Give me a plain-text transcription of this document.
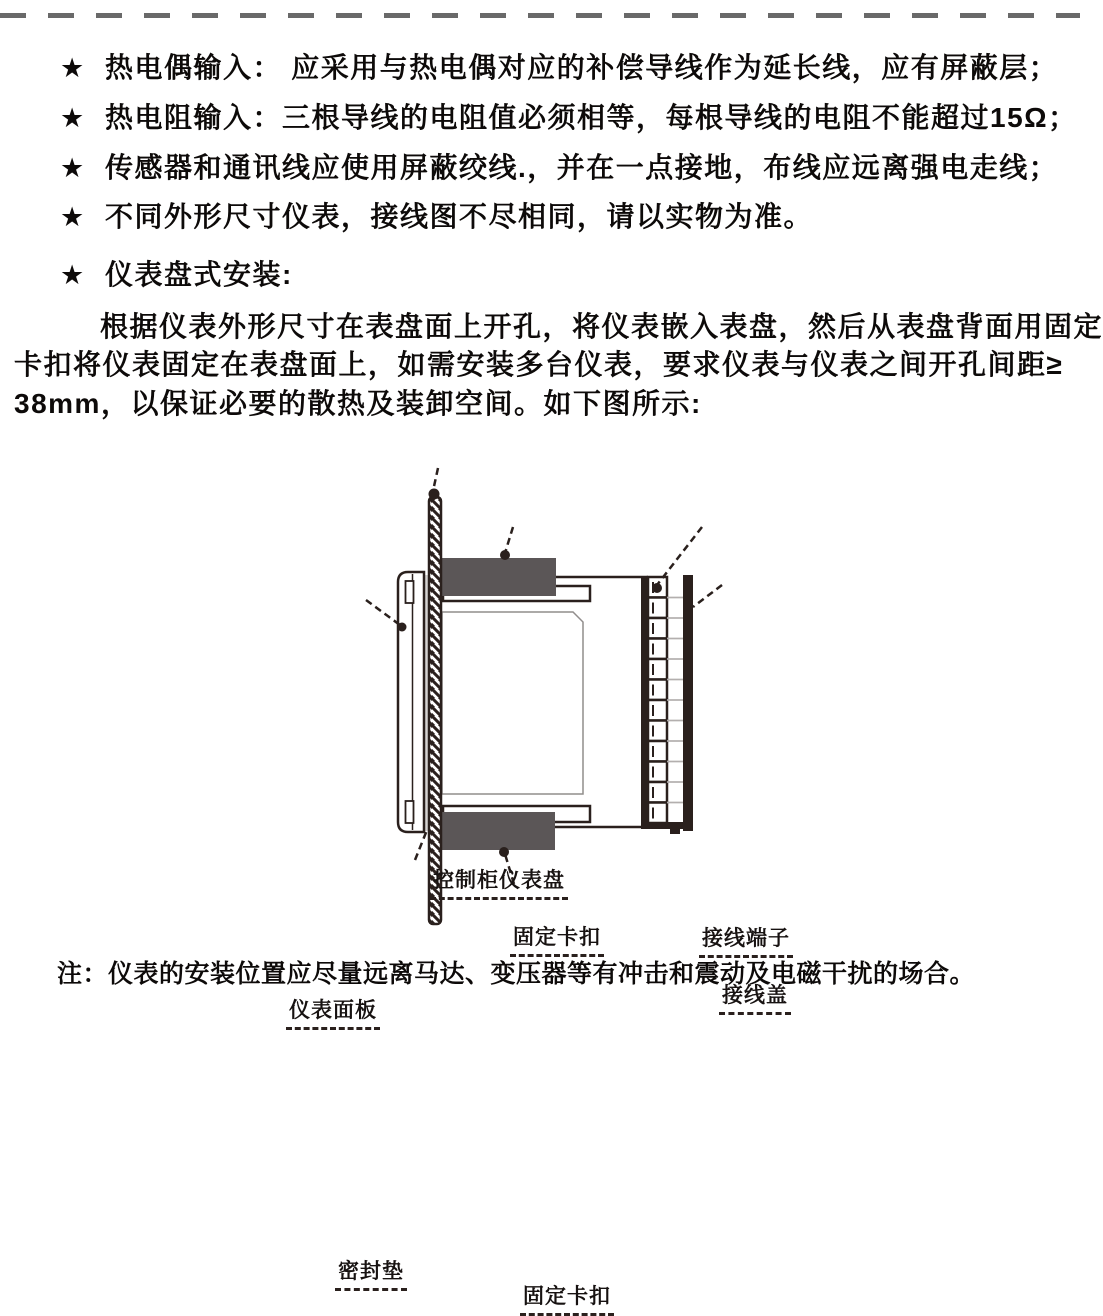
★ 热电偶输入： 应采用与热电偶对应的补偿导线作为延长线，应有屏蔽层；
★ 热电阻输入：三根导线的电阻值必须相等，每根导线的电阻不能超过15Ω；
★ 传感器和通讯线应使用屏蔽绞线.，并在一点接地，布线应远离强电走线；
★ 不同外形尺寸仪表，接线图不尽相同，请以实物为准。
★ 仪表盘式安装:
根据仪表外形尺寸在表盘面上开孔，将仪表嵌入表盘，然后从表盘背面用固定
卡扣将仪表固定在表盘面上，如需安装多台仪表，要求仪表与仪表之间开孔间距≥
38mm，以保证必要的散热及装卸空间。如下图所示:
控制柜仪表盘
固定卡扣	接线端子
接线盖
仪表面板
密封垫
固定卡扣
注：仪表的安装位置应尽量远离马达、变压器等有冲击和震动及电磁干扰的场合。
